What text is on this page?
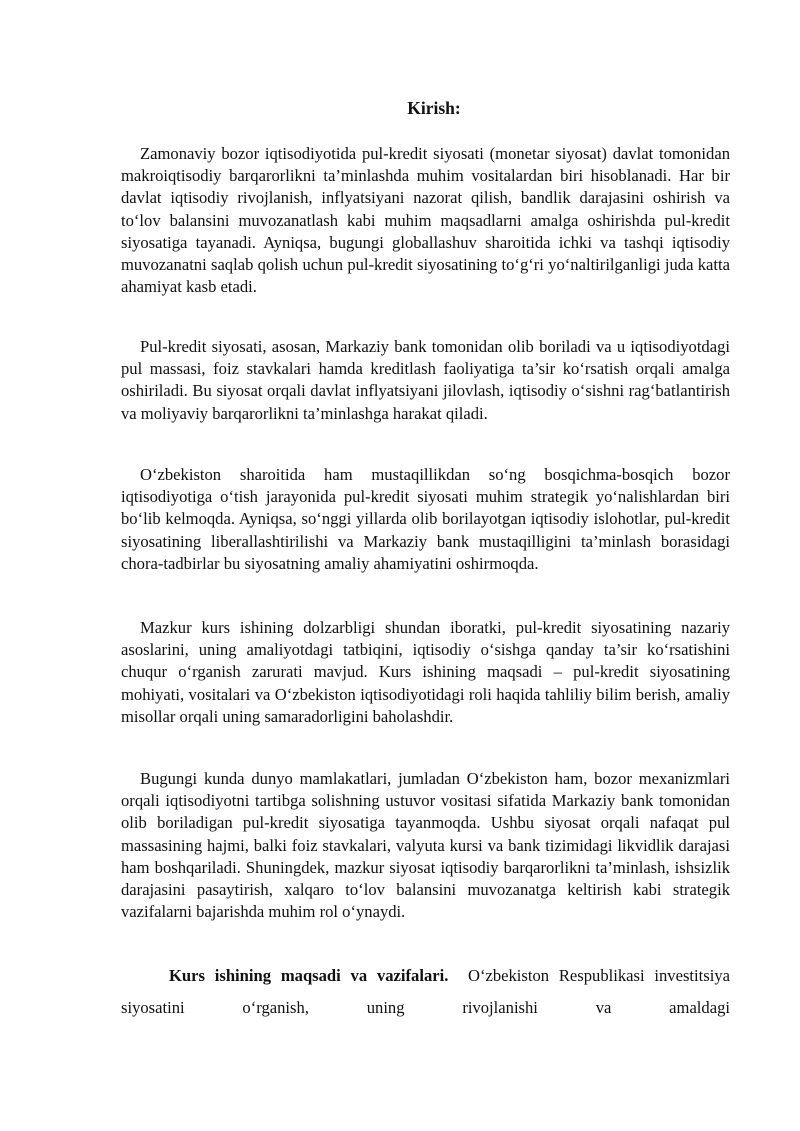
Kirish:

Zamonaviy bozor iqtisodiyotida pul-kredit siyosati (monetar siyosat) davlat tomonidan makroiqtisodiy barqarorlikni ta’minlashda muhim vositalardan biri hisoblanadi. Har bir davlat iqtisodiy rivojlanish, inflyatsiyani nazorat qilish, bandlik darajasini oshirish va to‘lov balansini muvozanatlash kabi muhim maqsadlarni amalga oshirishda pul-kredit siyosatiga tayanadi. Ayniqsa, bugungi globallashuv sharoitida ichki va tashqi iqtisodiy muvozanatni saqlab qolish uchun pul-kredit siyosatining to‘g‘ri yo‘naltirilganligi juda katta ahamiyat kasb etadi.

Pul-kredit siyosati, asosan, Markaziy bank tomonidan olib boriladi va u iqtisodiyotdagi pul massasi, foiz stavkalari hamda kreditlash faoliyatiga ta’sir ko‘rsatish orqali amalga oshiriladi. Bu siyosat orqali davlat inflyatsiyani jilovlash, iqtisodiy o‘sishni rag‘batlantirish va moliyaviy barqarorlikni ta’minlashga harakat qiladi.

O‘zbekiston sharoitida ham mustaqillikdan so‘ng bosqichma-bosqich bozor iqtisodiyotiga o‘tish jarayonida pul-kredit siyosati muhim strategik yo‘nalishlardan biri bo‘lib kelmoqda. Ayniqsa, so‘nggi yillarda olib borilayotgan iqtisodiy islohotlar, pul-kredit siyosatining liberallashtirilishi va Markaziy bank mustaqilligini ta’minlash borasidagi chora-tadbirlar bu siyosatning amaliy ahamiyatini oshirmoqda.

Mazkur kurs ishining dolzarbligi shundan iboratki, pul-kredit siyosatining nazariy asoslarini, uning amaliyotdagi tatbiqini, iqtisodiy o‘sishga qanday ta’sir ko‘rsatishini chuqur o‘rganish zarurati mavjud. Kurs ishining maqsadi – pul-kredit siyosatining mohiyati, vositalari va O‘zbekiston iqtisodiyotidagi roli haqida tahliliy bilim berish, amaliy misollar orqali uning samaradorligini baholashdir.

Bugungi kunda dunyo mamlakatlari, jumladan O‘zbekiston ham, bozor mexanizmlari orqali iqtisodiyotni tartibga solishning ustuvor vositasi sifatida Markaziy bank tomonidan olib boriladigan pul-kredit siyosatiga tayanmoqda. Ushbu siyosat orqali nafaqat pul massasining hajmi, balki foiz stavkalari, valyuta kursi va bank tizimidagi likvidlik darajasi ham boshqariladi. Shuningdek, mazkur siyosat iqtisodiy barqarorlikni ta’minlash, ishsizlik darajasini pasaytirish, xalqaro to‘lov balansini muvozanatga keltirish kabi strategik vazifalarni bajarishda muhim rol o‘ynaydi.

Kurs ishining maqsadi va vazifalari. O‘zbekiston Respublikasi investitsiya siyosatini o‘rganish, uning rivojlanishi va amaldagi
